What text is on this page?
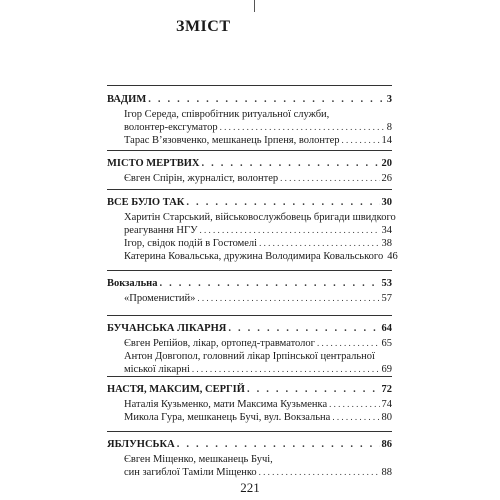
ЗМІСТ
ВАДИМ . . .	3
Ігор Середа, співробітник ритуальної служби,
волонтер-ексгуматор . . .	8
Тарас В’язовченко, мешканець Ірпеня, волонтер . . .	14
МІСТО МЕРТВИХ . . .	20
Євген Спірін, журналіст, волонтер . . .	26
ВСЕ БУЛО ТАК . . .	30
Харитін Старський, військовослужбовець бригади швидкого
реагування НГУ . . .	34
Ігор, свідок подій в Гостомелі . . .	38
Катерина Ковальська, дружина Володимира Ковальського 46
Вокзальна . . .	53
«Променистий» . . .	57
БУЧАНСЬКА ЛІКАРНЯ . . .	64
Євген Репійов, лікар, ортопед-травматолог . . .	65
Антон Довгопол, головний лікар Ірпінської центральної
міської лікарні . . .	69
НАСТЯ, МАКСИМ, СЕРГІЙ . . .	72
Наталія Кузьменко, мати Максима Кузьменка . . .	74
Микола Гура, мешканець Бучі, вул. Вокзальна . . .	80
ЯБЛУНСЬКА . . .	86
Євген Міщенко, мешканець Бучі,
син загиблої Таміли Міщенко . . .	88
221
